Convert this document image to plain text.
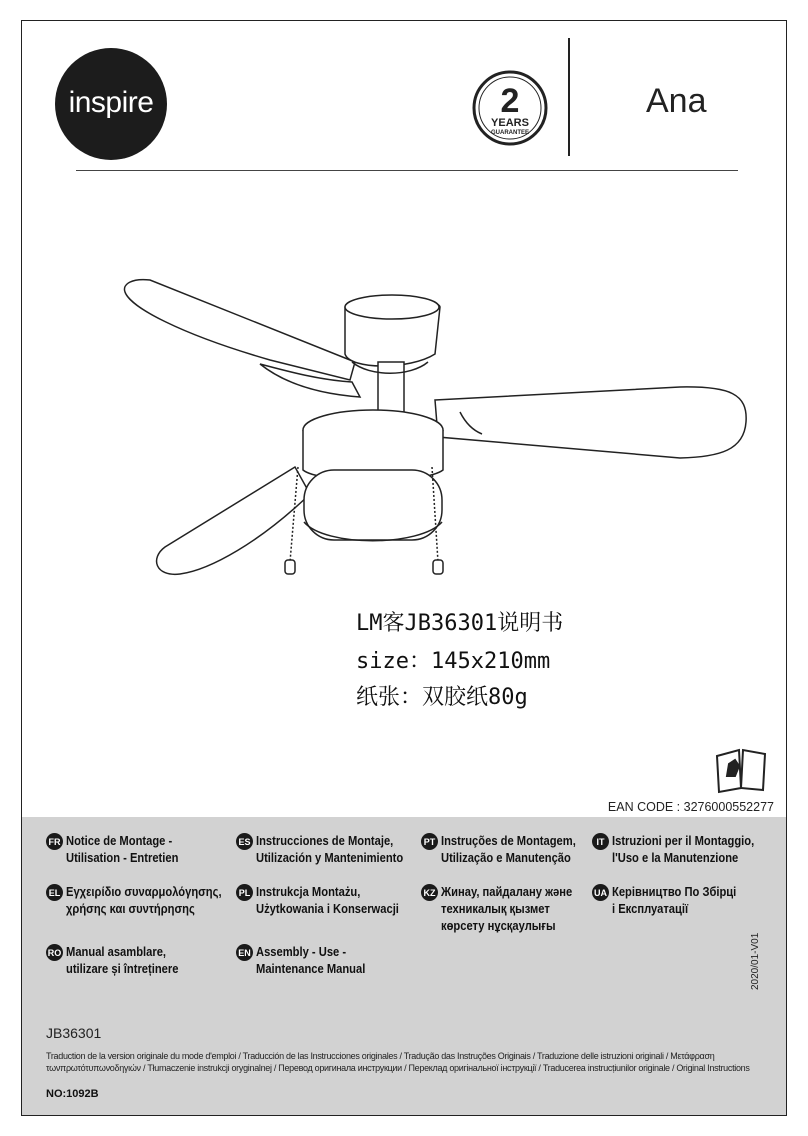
inspire	2
YEARS
GUARANTEE
Ana
LM客JB36301说明书
size：145x210mm
纸张：双胶纸80g
EAN CODE : 3276000552277
FR Notice de Montage -
Utilisation - Entretien
ES Instrucciones de Montaje,
Utilización y Mantenimiento
PT Instruções de Montagem,
Utilização e Manutenção
IT Istruzioni per il Montaggio,
l'Uso e la Manutenzione
EL Εγχειρίδιο συναρμολόγησης,
χρήσης και συντήρησης
PL Instrukcja Montażu,
Użytkowania i Konserwacji
KZ Жинау, пайдалану және
техникалық қызмет
көрсету нұсқаулығы
UA Керівництво По Збірці
і Експлуатації
RO Manual asamblare,
utilizare și întreținere
EN Assembly - Use -
Maintenance Manual	2020/01-V01
JB36301
Traduction de la version originale du mode d'emploi / Traducción de las Instrucciones originales / Tradução das Instruções Originais / Traduzione delle istruzioni originali / Μετάφραση τωνπρωτότυπωνοδηγιών / Tłumaczenie instrukcji oryginalnej / Перевод оригинала инструкции / Переклад оригінальної інструкції / Traducerea instrucțiunilor originale / Original Instructions
NO:1092B
